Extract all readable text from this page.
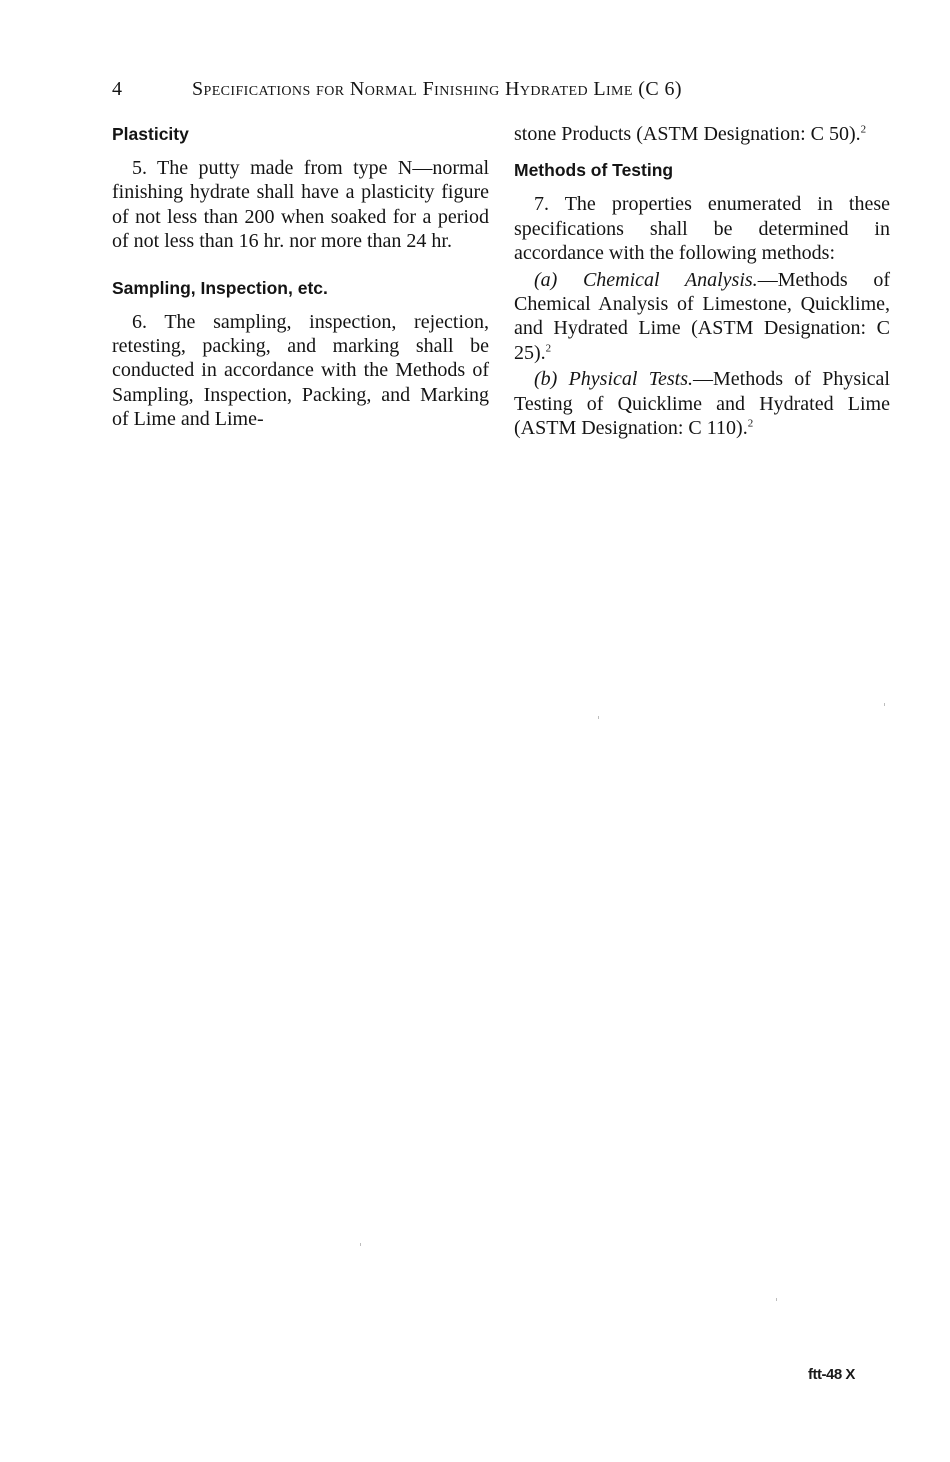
4	Specifications for Normal Finishing Hydrated Lime (C 6)
Plasticity

5. The putty made from type N—normal finishing hydrate shall have a plasticity figure of not less than 200 when soaked for a period of not less than 16 hr. nor more than 24 hr.

Sampling, Inspection, etc.

6. The sampling, inspection, rejection, retesting, packing, and marking shall be conducted in accordance with the Methods of Sampling, Inspection, Packing, and Marking of Lime and Lime-

stone Products (ASTM Designation: C 50).$^2$

Methods of Testing

7. The properties enumerated in these specifications shall be determined in accordance with the following methods:

(a) Chemical Analysis.—Methods of Chemical Analysis of Limestone, Quicklime, and Hydrated Lime (ASTM Designation: C 25).$^2$

(b) Physical Tests.—Methods of Physical Testing of Quicklime and Hydrated Lime (ASTM Designation: C 110).$^2$

ftt-48 X
